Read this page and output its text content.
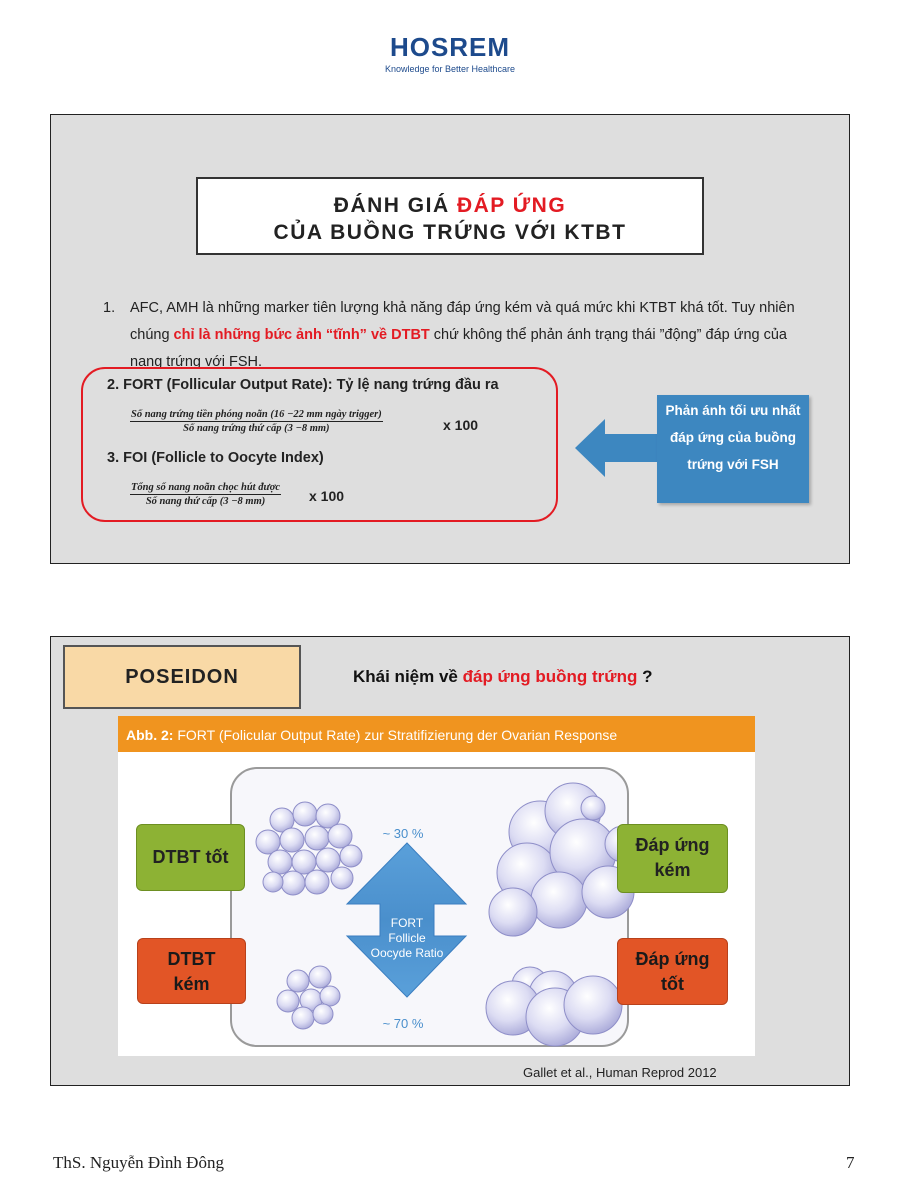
HOSREM
Knowledge for Better Healthcare
ĐÁNH GIÁ ĐÁP ỨNG
CỦA BUỒNG TRỨNG VỚI KTBT
1. AFC, AMH là những marker tiên lượng khả năng đáp ứng kém và quá mức khi KTBT khá tốt. Tuy nhiên chúng chỉ là những bức ảnh “tĩnh” về DTBT chứ không thể phản ánh trạng thái ”động” đáp ứng của nang trứng với FSH.
2. FORT (Follicular Output Rate): Tỷ lệ nang trứng đầu ra
Số nang trứng tiền phóng noãn (16 −22 mm ngày trigger)
Số nang trứng thứ cấp (3 −8 mm)	x 100
3. FOI (Follicle to Oocyte Index)
Tổng số nang noãn chọc hút được
Số nang thứ cấp (3 −8 mm)	x 100
Phản ánh tối ưu nhất đáp ứng của buồng trứng với FSH
POSEIDON	Khái niệm về đáp ứng buồng trứng ?
Abb. 2: FORT (Folicular Output Rate) zur Stratifizierung der Ovarian Response
FORT
Follicle
Oocyde Ratio
~ 30 %
~ 70 %
DTBT tốt
DTBT
kém
Đáp ứng
kém
Đáp ứng
tốt
Gallet et al., Human Reprod 2012
ThS. Nguyễn Đình Đông	7
